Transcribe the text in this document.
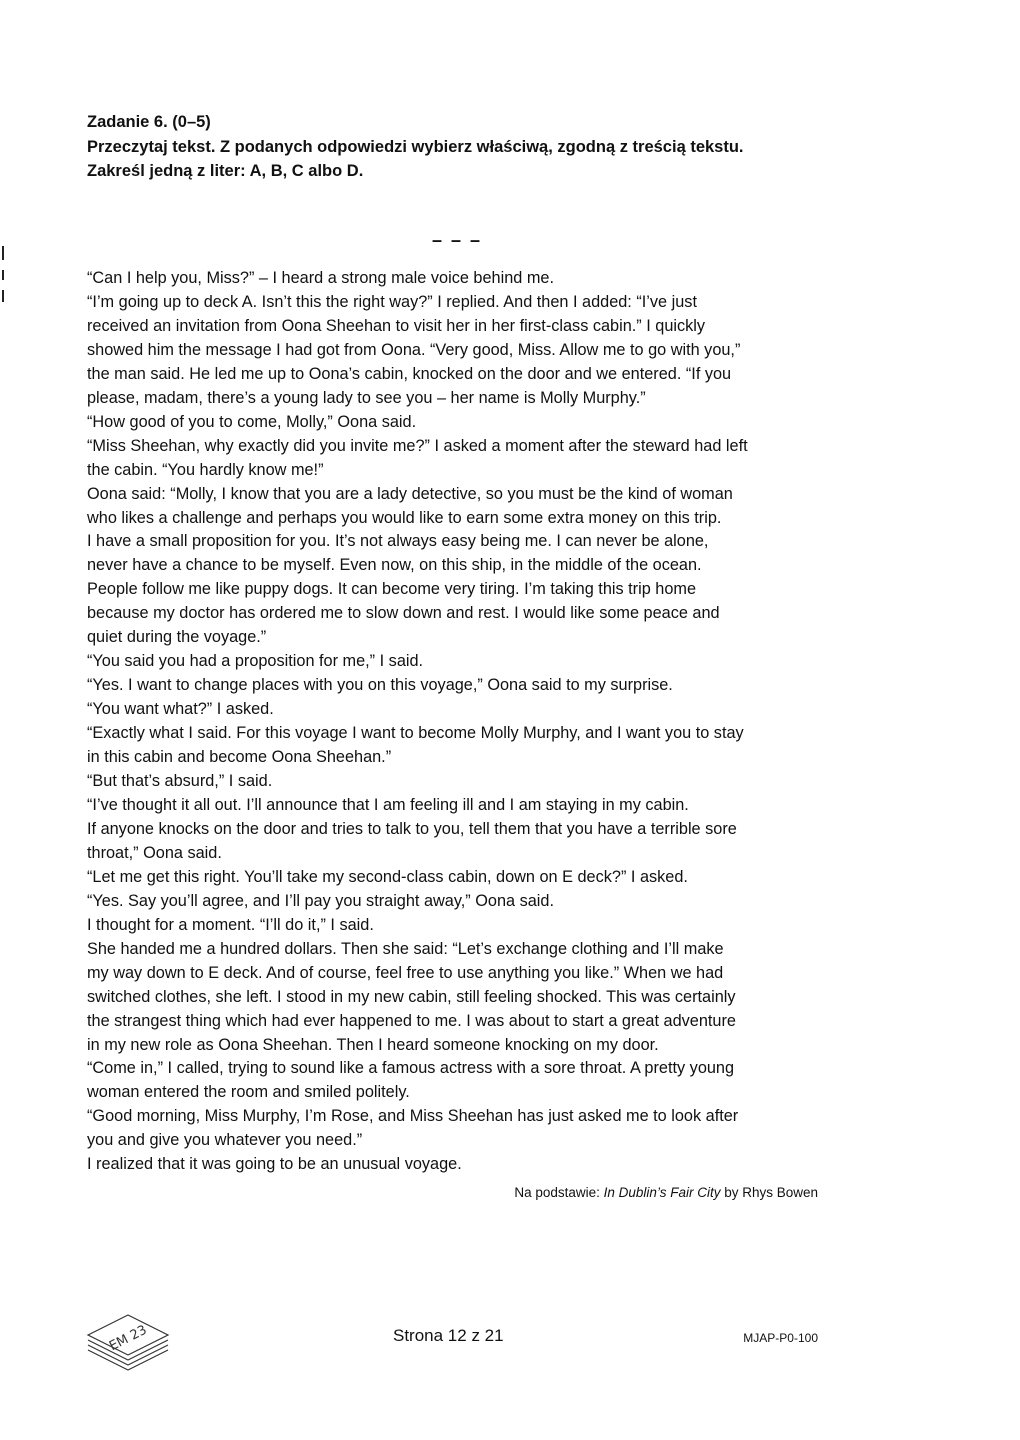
Zadanie 6. (0–5)
Przeczytaj tekst. Z podanych odpowiedzi wybierz właściwą, zgodną z treścią tekstu.
Zakreśl jedną z liter: A, B, C albo D.
– – –
“Can I help you, Miss?” – I heard a strong male voice behind me.
“I’m going up to deck A. Isn’t this the right way?” I replied. And then I added: “I’ve just
received an invitation from Oona Sheehan to visit her in her first-class cabin.” I quickly
showed him the message I had got from Oona. “Very good, Miss. Allow me to go with you,”
the man said. He led me up to Oona’s cabin, knocked on the door and we entered. “If you
please, madam, there’s a young lady to see you – her name is Molly Murphy.”
“How good of you to come, Molly,” Oona said.
“Miss Sheehan, why exactly did you invite me?” I asked a moment after the steward had left
the cabin. “You hardly know me!”
Oona said: “Molly, I know that you are a lady detective, so you must be the kind of woman
who likes a challenge and perhaps you would like to earn some extra money on this trip.
I have a small proposition for you. It’s not always easy being me. I can never be alone,
never have a chance to be myself. Even now, on this ship, in the middle of the ocean.
People follow me like puppy dogs. It can become very tiring. I’m taking this trip home
because my doctor has ordered me to slow down and rest. I would like some peace and
quiet during the voyage.”
“You said you had a proposition for me,” I said.
“Yes. I want to change places with you on this voyage,” Oona said to my surprise.
“You want what?” I asked.
“Exactly what I said. For this voyage I want to become Molly Murphy, and I want you to stay
in this cabin and become Oona Sheehan.”
“But that’s absurd,” I said.
“I’ve thought it all out. I’ll announce that I am feeling ill and I am staying in my cabin.
If anyone knocks on the door and tries to talk to you, tell them that you have a terrible sore
throat,” Oona said.
“Let me get this right. You’ll take my second-class cabin, down on E deck?” I asked.
“Yes. Say you’ll agree, and I’ll pay you straight away,” Oona said.
I thought for a moment. “I’ll do it,” I said.
She handed me a hundred dollars. Then she said: “Let’s exchange clothing and I’ll make
my way down to E deck. And of course, feel free to use anything you like.” When we had
switched clothes, she left. I stood in my new cabin, still feeling shocked. This was certainly
the strangest thing which had ever happened to me. I was about to start a great adventure
in my new role as Oona Sheehan. Then I heard someone knocking on my door.
“Come in,” I called, trying to sound like a famous actress with a sore throat. A pretty young
woman entered the room and smiled politely.
“Good morning, Miss Murphy, I’m Rose, and Miss Sheehan has just asked me to look after
you and give you whatever you need.”
I realized that it was going to be an unusual voyage.
Na podstawie: In Dublin’s Fair City by Rhys Bowen
EM 23	Strona 12 z 21	MJAP-P0-100
